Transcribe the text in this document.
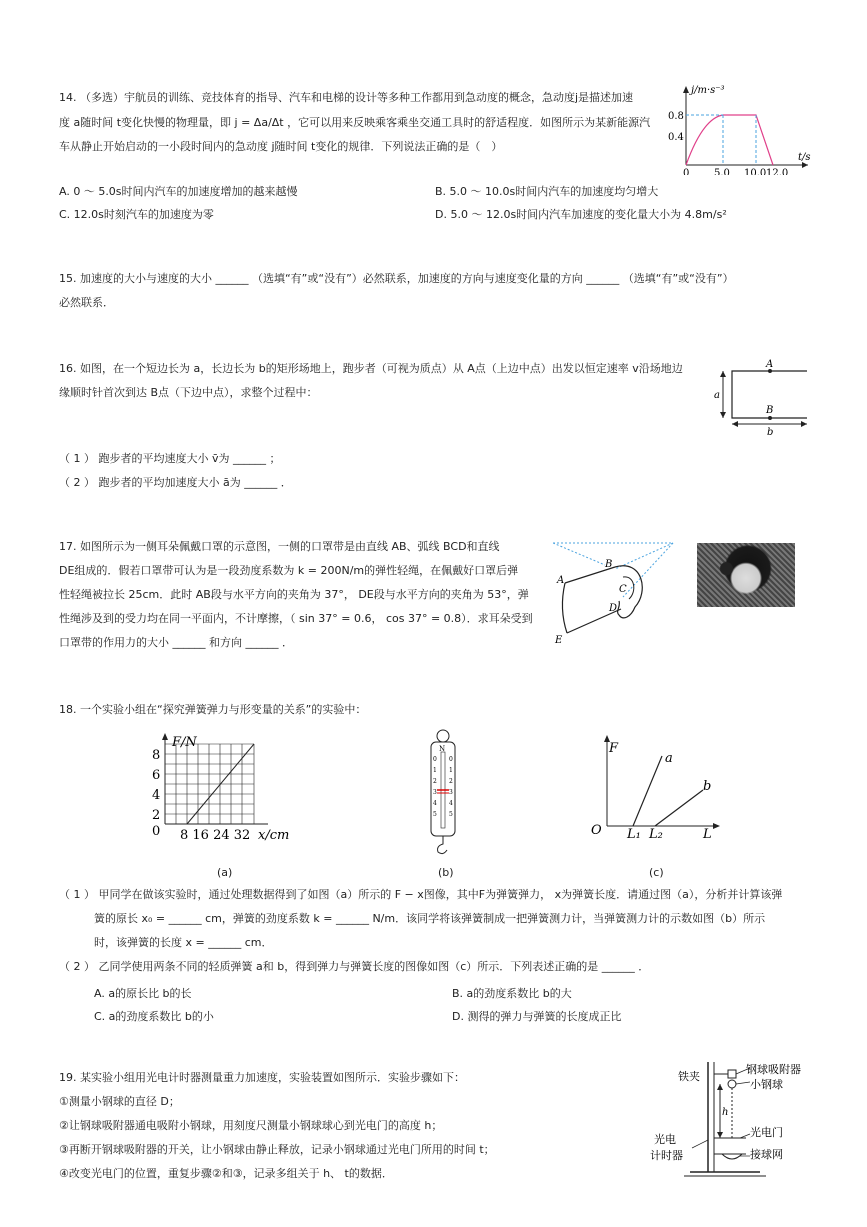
14. （多选）宇航员的训练、竞技体育的指导、汽车和电梯的设计等多种工作都用到急动度的概念，急动度j是描述加速
度 a随时间 t变化快慢的物理量，即 j = Δa/Δt ，它可以用来反映乘客乘坐交通工具时的舒适程度．如图所示为某新能源汽
车从静止开始启动的一小段时间内的急动度 j随时间 t变化的规律．下列说法正确的是（　）
j/m·s⁻³
t/s
0.8
0.4
0 5.0 10.0 12.0
A. 0 ～ 5.0s时间内汽车的加速度增加的越来越慢	B. 5.0 ～ 10.0s时间内汽车的加速度均匀增大
C. 12.0s时刻汽车的加速度为零	D. 5.0 ～ 12.0s时间内汽车加速度的变化量大小为 4.8m/s²
15. 加速度的大小与速度的大小 ______ （选填“有”或“没有”）必然联系，加速度的方向与速度变化量的方向 ______ （选填“有”或“没有”）
必然联系．
16. 如图，在一个短边长为 a，长边长为 b的矩形场地上，跑步者（可视为质点）从 A点（上边中点）出发以恒定速率 v沿场地边
缘顺时针首次到达 B点（下边中点），求整个过程中：
（ 1 ） 跑步者的平均速度大小 v̄为 ______ ；
（ 2 ） 跑步者的平均加速度大小 ā为 ______ ．
A
B
a
b
17. 如图所示为一侧耳朵佩戴口罩的示意图，一侧的口罩带是由直线 AB、弧线 BCD和直线
DE组成的．假若口罩带可认为是一段劲度系数为 k = 200N/m的弹性轻绳，在佩戴好口罩后弹
性轻绳被拉长 25cm．此时 AB段与水平方向的夹角为 37°， DE段与水平方向的夹角为 53°，弹
性绳涉及到的受力均在同一平面内，不计摩擦，（ sin 37° = 0.6， cos 37° = 0.8）．求耳朵受到
口罩带的作用力的大小 ______ 和方向 ______ ．
A
B
C
D
E
18. 一个实验小组在“探究弹簧弹力与形变量的关系”的实验中：
F/N
8
6
4
2
0 8 16 24 32 x/cm
(a)
N
0
1
2
3
4
5
0
1
2
3
4
5
(b)
F
O L₁ L₂	L
a
b
(c)
（ 1 ） 甲同学在做该实验时，通过处理数据得到了如图（a）所示的 F − x图像，其中F为弹簧弹力， x为弹簧长度．请通过图（a），分析并计算该弹
簧的原长 x₀ = ______ cm，弹簧的劲度系数 k = ______ N/m．该同学将该弹簧制成一把弹簧测力计，当弹簧测力计的示数如图（b）所示
时，该弹簧的长度 x = ______ cm．
（ 2 ） 乙同学使用两条不同的轻质弹簧 a和 b，得到弹力与弹簧长度的图像如图（c）所示．下列表述正确的是 ______ ．
A. a的原长比 b的长	B. a的劲度系数比 b的大
C. a的劲度系数比 b的小	D. 测得的弹力与弹簧的长度成正比
19. 某实验小组用光电计时器测量重力加速度，实验装置如图所示．实验步骤如下：
①测量小钢球的直径 D；
②让钢球吸附器通电吸附小钢球，用刻度尺测量小钢球球心到光电门的高度 h；
③再断开钢球吸附器的开关，让小钢球由静止释放，记录小钢球通过光电门所用的时间 t；
④改变光电门的位置，重复步骤②和③，记录多组关于 h、 t的数据．
铁夹
钢球吸附器
小钢球
光电门
光电
计时器	接球网
h
